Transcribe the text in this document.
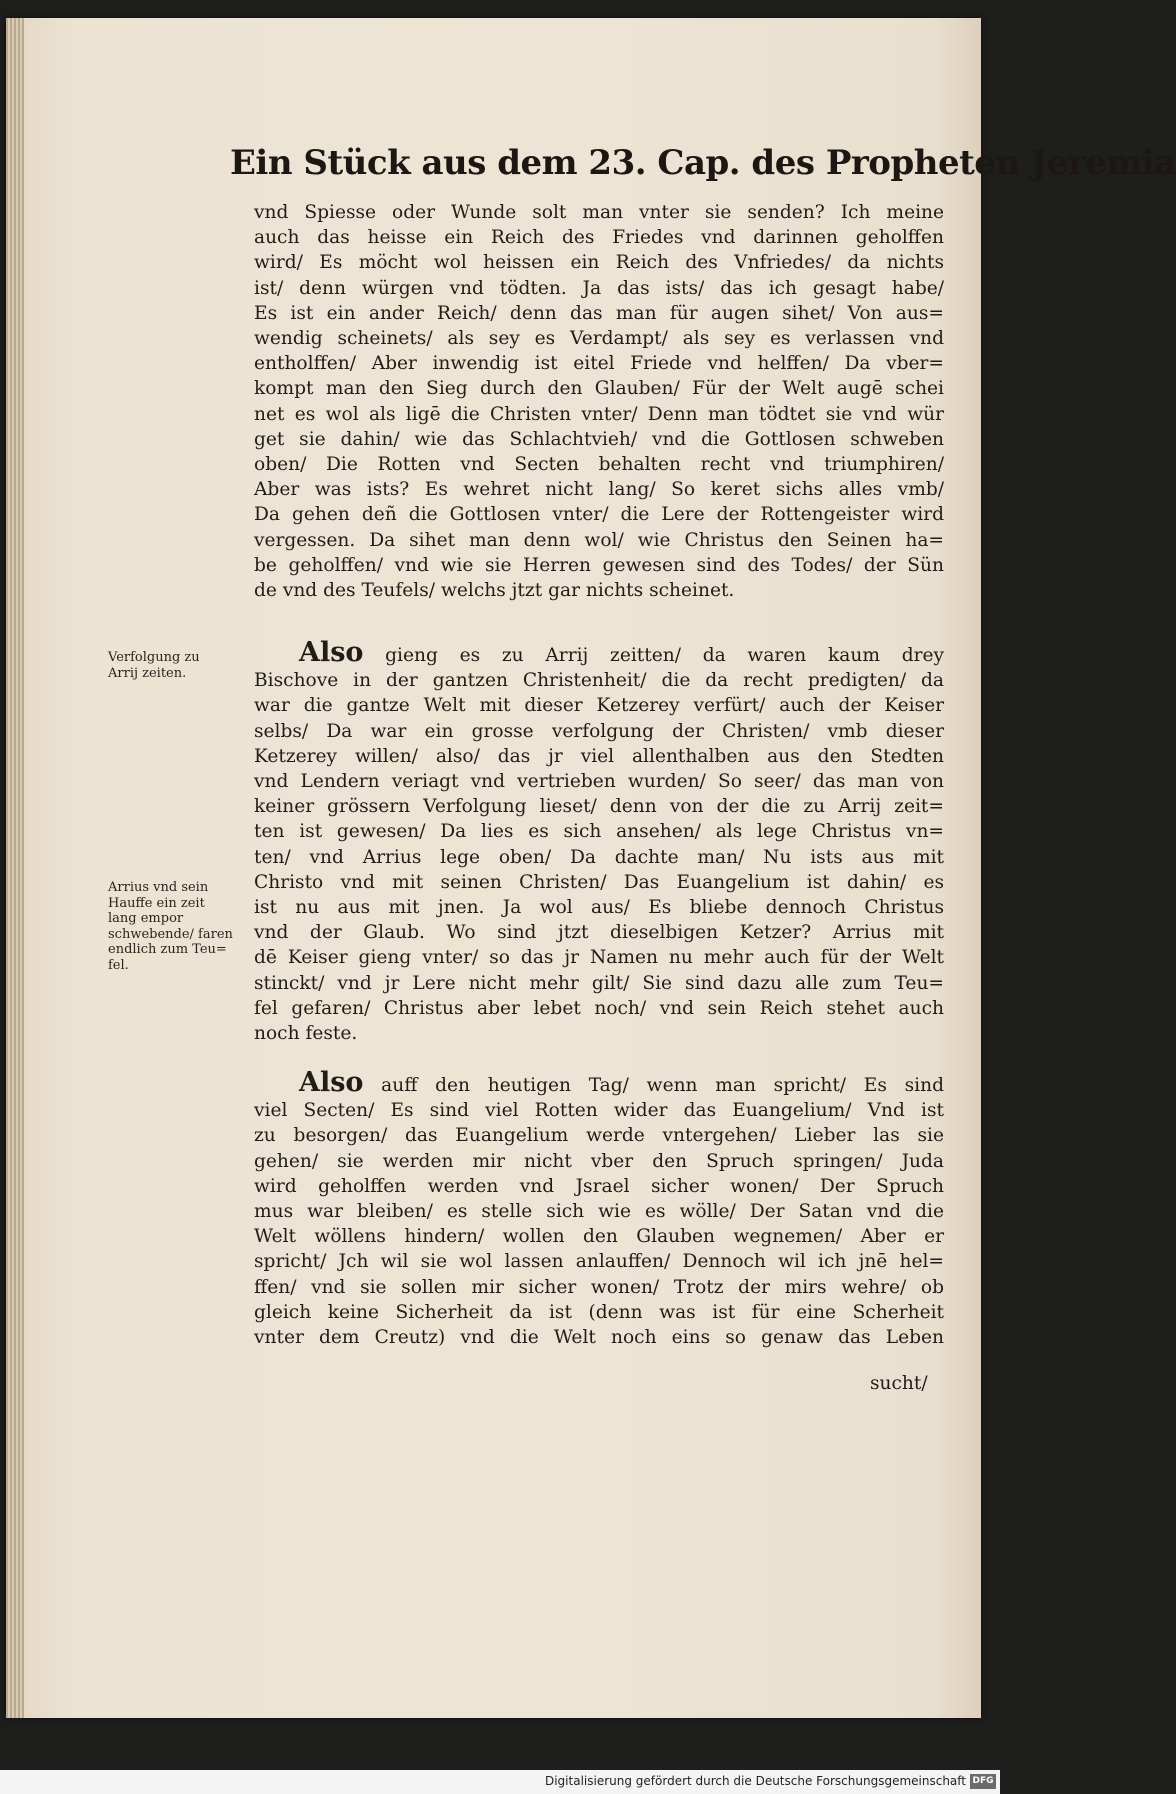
Ein Stück aus dem 23. Cap. des Propheten Jeremia
vnd Spiesse oder Wunde solt man vnter sie senden? Ich meine
auch das heisse ein Reich des Friedes vnd darinnen geholffen
wird/ Es möcht wol heissen ein Reich des Vnfriedes/ da nichts
ist/ denn würgen vnd tödten. Ja das ists/ das ich gesagt habe/
Es ist ein ander Reich/ denn das man für augen sihet/ Von aus=
wendig scheinets/ als sey es Verdampt/ als sey es verlassen vnd
entholffen/ Aber inwendig ist eitel Friede vnd helffen/ Da vber=
kompt man den Sieg durch den Glauben/ Für der Welt augē schei
net es wol als ligē die Christen vnter/ Denn man tödtet sie vnd wür
get sie dahin/ wie das Schlachtvieh/ vnd die Gottlosen schweben
oben/ Die Rotten vnd Secten behalten recht vnd triumphiren/
Aber was ists? Es wehret nicht lang/ So keret sichs alles vmb/
Da gehen deñ die Gottlosen vnter/ die Lere der Rottengeister wird
vergessen. Da sihet man denn wol/ wie Christus den Seinen ha=
be geholffen/ vnd wie sie Herren gewesen sind des Todes/ der Sün
de vnd des Teufels/ welchs jtzt gar nichts scheinet.
Also gieng es zu Arrij zeitten/ da waren kaum drey
Bischove in der gantzen Christenheit/ die da recht predigten/ da
war die gantze Welt mit dieser Ketzerey verfürt/ auch der Keiser
selbs/ Da war ein grosse verfolgung der Christen/ vmb dieser
Ketzerey willen/ also/ das jr viel allenthalben aus den Stedten
vnd Lendern veriagt vnd vertrieben wurden/ So seer/ das man von
keiner grössern Verfolgung lieset/ denn von der die zu Arrij zeit=
ten ist gewesen/ Da lies es sich ansehen/ als lege Christus vn=
ten/ vnd Arrius lege oben/ Da dachte man/ Nu ists aus mit
Christo vnd mit seinen Christen/ Das Euangelium ist dahin/ es
ist nu aus mit jnen. Ja wol aus/ Es bliebe dennoch Christus
vnd der Glaub. Wo sind jtzt dieselbigen Ketzer? Arrius mit
dē Keiser gieng vnter/ so das jr Namen nu mehr auch für der Welt
stinckt/ vnd jr Lere nicht mehr gilt/ Sie sind dazu alle zum Teu=
fel gefaren/ Christus aber lebet noch/ vnd sein Reich stehet auch
noch feste.
Also auff den heutigen Tag/ wenn man spricht/ Es sind
viel Secten/ Es sind viel Rotten wider das Euangelium/ Vnd ist
zu besorgen/ das Euangelium werde vntergehen/ Lieber las sie
gehen/ sie werden mir nicht vber den Spruch springen/ Juda
wird geholffen werden vnd Jsrael sicher wonen/ Der Spruch
mus war bleiben/ es stelle sich wie es wölle/ Der Satan vnd die
Welt wöllens hindern/ wollen den Glauben wegnemen/ Aber er
spricht/ Jch wil sie wol lassen anlauffen/ Dennoch wil ich jnē hel=
ffen/ vnd sie sollen mir sicher wonen/ Trotz der mirs wehre/ ob
gleich keine Sicherheit da ist (denn was ist für eine Scherheit
vnter dem Creutz) vnd die Welt noch eins so genaw das Leben
Verfolgung zu
Arrij zeiten.
Arrius vnd sein
Hauffe ein zeit
lang empor
schwebende/ faren
endlich zum Teu=
fel.
sucht/
Digitalisierung gefördert durch die Deutsche Forschungsgemeinschaft DFG
